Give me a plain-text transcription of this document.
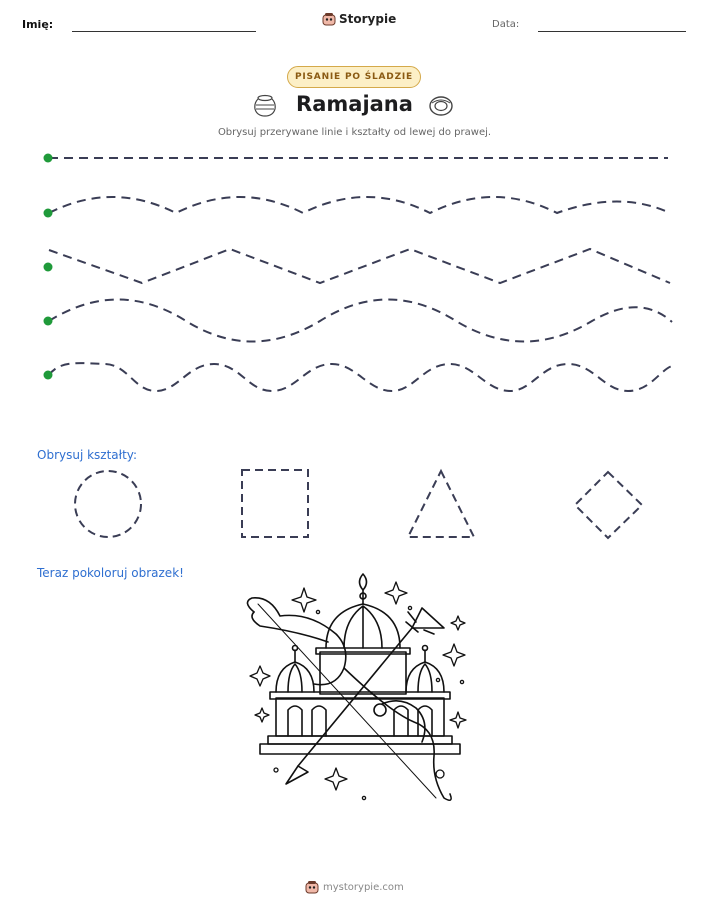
Imię:	Storypie	Data:
PISANIE PO ŚLADZIE
Ramajana
Obrysuj przerywane linie i kształty od lewej do prawej.
Obrysuj kształty:
Teraz pokoloruj obrazek!
mystorypie.com
